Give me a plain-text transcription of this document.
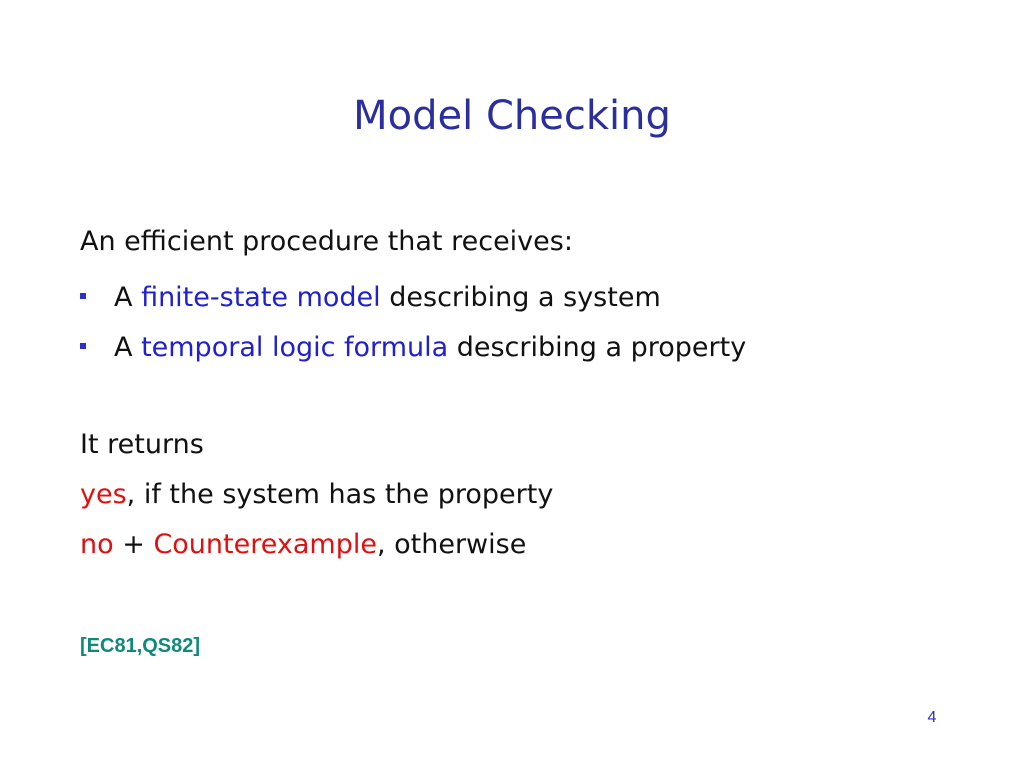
Model Checking
An efficient procedure that receives:
A finite-state model describing a system
A temporal logic formula describing a property
It returns
yes, if the system has the property
no + Counterexample, otherwise
[EC81,QS82]
4
